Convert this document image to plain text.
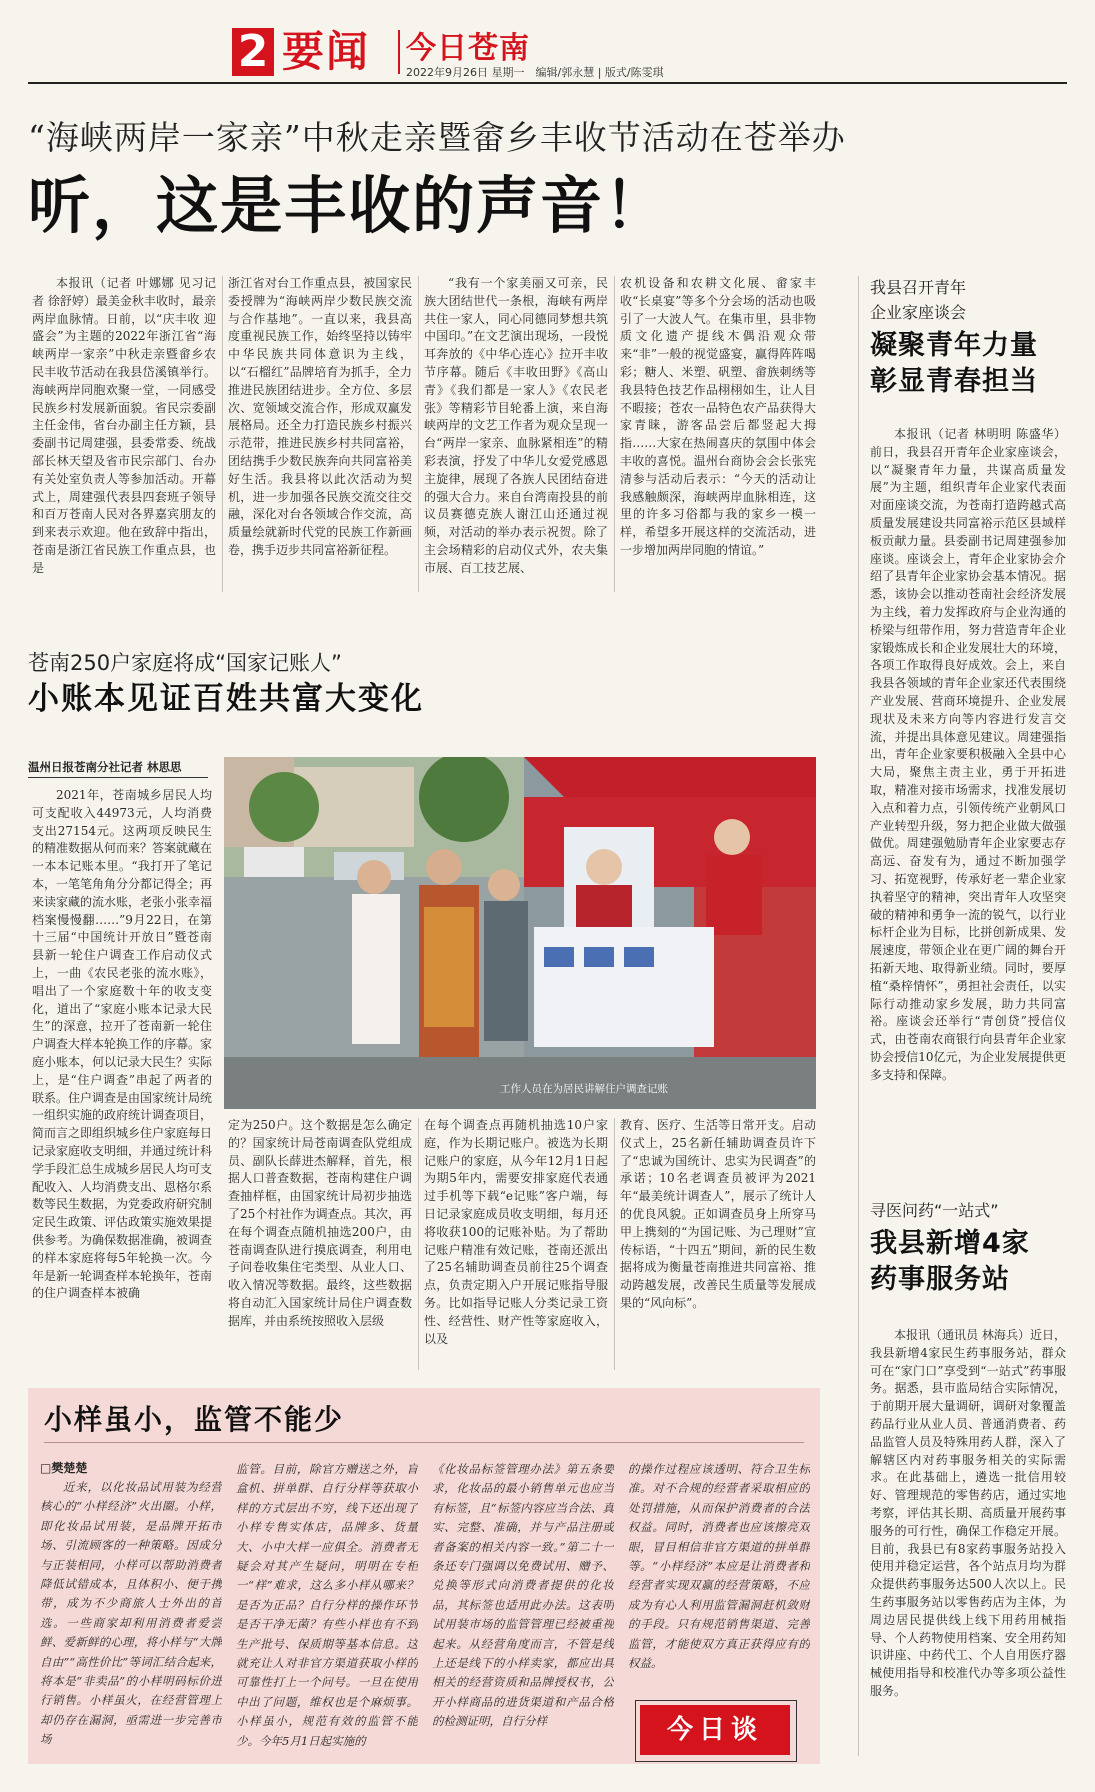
2 要闻 今日苍南
2022年9月26日 星期一　编辑/郭永慧 | 版式/陈雯琪
“海峡两岸一家亲”中秋走亲暨畲乡丰收节活动在苍举办
听，这是丰收的声音！
本报讯（记者 叶娜娜 见习记者 徐舒婷）最美金秋丰收时，最亲两岸血脉情。日前，以“庆丰收 迎盛会”为主题的2022年浙江省“海峡两岸一家亲”中秋走亲暨畲乡农民丰收节活动在我县岱溪镇举行。海峡两岸同胞欢聚一堂，一同感受民族乡村发展新面貌。省民宗委副主任金伟，省台办副主任方颖，县委副书记周建强，县委常委、统战部长林天望及省市民宗部门、台办有关处室负责人等参加活动。开幕式上，周建强代表县四套班子领导和百万苍南人民对各界嘉宾朋友的到来表示欢迎。他在致辞中指出，苍南是浙江省民族工作重点县，也是
浙江省对台工作重点县，被国家民委授牌为“海峡两岸少数民族交流与合作基地”。一直以来，我县高度重视民族工作，始终坚持以铸牢中华民族共同体意识为主线，以“石榴红”品牌培育为抓手，全力推进民族团结进步。全方位、多层次、宽领域交流合作，形成双赢发展格局。还全力打造民族乡村振兴示范带，推进民族乡村共同富裕，团结携手少数民族奔向共同富裕美好生活。我县将以此次活动为契机，进一步加强各民族交流交往交融，深化对台各领域合作交流，高质量绘就新时代党的民族工作新画卷，携手迈步共同富裕新征程。
“我有一个家美丽又可亲，民族大团结世代一条根，海峡有两岸共住一家人，同心同德同梦想共筑中国印。”在文艺演出现场，一段悦耳奔放的《中华心连心》拉开丰收节序幕。随后《丰收田野》《高山青》《我们都是一家人》《农民老张》等精彩节目轮番上演，来自海峡两岸的文艺工作者为观众呈现一台“两岸一家亲、血脉紧相连”的精彩表演，抒发了中华儿女爱党感恩主旋律，展现了各族人民团结奋进的强大合力。来自台湾南投县的前议员赛德克族人谢江山还通过视频，对活动的举办表示祝贺。除了主会场精彩的启动仪式外，农夫集市展、百工技艺展、
农机设备和农耕文化展、畲家丰收“长桌宴”等多个分会场的活动也吸引了一大波人气。在集市里，县非物质文化遗产提线木偶沿观众带来“非”一般的视觉盛宴，赢得阵阵喝彩；糖人、米塑、矾塑、畲族刺绣等我县特色技艺作品栩栩如生，让人目不暇接；苍农一品特色农产品获得大家青睐，游客品尝后都竖起大拇指……大家在热闹喜庆的氛围中体会丰收的喜悦。温州台商协会会长张宪清参与活动后表示：“今天的活动让我感触颇深，海峡两岸血脉相连，这里的许多习俗都与我的家乡一模一样，希望多开展这样的交流活动，进一步增加两岸同胞的情谊。”
苍南250户家庭将成“国家记账人”
小账本见证百姓共富大变化
温州日报苍南分社记者 林思思
2021年，苍南城乡居民人均可支配收入44973元，人均消费支出27154元。这两项反映民生的精准数据从何而来？答案就藏在一本本记账本里。“我打开了笔记本，一笔笔角角分分都记得全；再来读家藏的流水账，老张小张幸福档案慢慢翻……”9月22日，在第十三届“中国统计开放日”暨苍南县新一轮住户调查工作启动仪式上，一曲《农民老张的流水账》，唱出了一个家庭数十年的收支变化，道出了“家庭小账本记录大民生”的深意，拉开了苍南新一轮住户调查大样本轮换工作的序幕。家庭小账本，何以记录大民生？实际上，是“住户调查”串起了两者的联系。住户调查是由国家统计局统一组织实施的政府统计调查项目，简而言之即组织城乡住户家庭每日记录家庭收支明细，并通过统计科学手段汇总生成城乡居民人均可支配收入、人均消费支出、恩格尔系数等民生数据，为党委政府研究制定民生政策、评估政策实施效果提供参考。为确保数据准确，被调查的样本家庭将每5年轮换一次。今年是新一轮调查样本轮换年，苍南的住户调查样本被确
工作人员在为居民讲解住户调查记账
定为250户。这个数据是怎么确定的？国家统计局苍南调查队党组成员、副队长薛进杰解释，首先，根据人口普查数据，苍南构建住户调查抽样框，由国家统计局初步抽选了25个村社作为调查点。其次，再在每个调查点随机抽选200户，由苍南调查队进行摸底调查，利用电子问卷收集住宅类型、从业人口、收入情况等数据。最终，这些数据将自动汇入国家统计局住户调查数据库，并由系统按照收入层级
在每个调查点再随机抽选10户家庭，作为长期记账户。被选为长期记账户的家庭，从今年12月1日起为期5年内，需要安排家庭代表通过手机等下载“e记账”客户端，每日记录家庭成员收支明细，每月还将收获100的记账补贴。为了帮助记账户精准有效记账，苍南还派出了25名辅助调查员前往25个调查点，负责定期入户开展记账指导服务。比如指导记账人分类记录工资性、经营性、财产性等家庭收入，以及
教育、医疗、生活等日常开支。启动仪式上，25名新任辅助调查员许下了“忠诚为国统计、忠实为民调查”的承诺；10名老调查员被评为2021年“最美统计调查人”，展示了统计人的优良风貌。正如调查员身上所穿马甲上携刻的“为国记账、为己理财”宣传标语，“十四五”期间，新的民生数据将成为衡量苍南推进共同富裕、推动跨越发展，改善民生质量等发展成果的“风向标”。
我县召开青年
企业家座谈会
凝聚青年力量
彰显青春担当
本报讯（记者 林明明 陈盛华）前日，我县召开青年企业家座谈会，以“凝聚青年力量，共谋高质量发展”为主题，组织青年企业家代表面对面座谈交流，为苍南打造跨越式高质量发展建设共同富裕示范区县域样板贡献力量。县委副书记周建强参加座谈。座谈会上，青年企业家协会介绍了县青年企业家协会基本情况。据悉，该协会以推动苍南社会经济发展为主线，着力发挥政府与企业沟通的桥梁与纽带作用，努力营造青年企业家锻炼成长和企业发展壮大的环境，各项工作取得良好成效。会上，来自我县各领域的青年企业家还代表围绕产业发展、营商环境提升、企业发展现状及未来方向等内容进行发言交流，并提出具体意见建议。周建强指出，青年企业家要积极融入全县中心大局，聚焦主责主业，勇于开拓进取，精准对接市场需求，找准发展切入点和着力点，引领传统产业朝风口产业转型升级，努力把企业做大做强做优。周建强勉励青年企业家要志存高远、奋发有为，通过不断加强学习、拓宽视野，传承好老一辈企业家执着坚守的精神，突出青年人攻坚突破的精神和勇争一流的锐气，以行业标杆企业为目标，比拼创新成果、发展速度，带领企业在更广阔的舞台开拓新天地、取得新业绩。同时，要厚植“桑梓情怀”，勇担社会责任，以实际行动推动家乡发展，助力共同富裕。座谈会还举行“青创贷”授信仪式，由苍南农商银行向县青年企业家协会授信10亿元，为企业发展提供更多支持和保障。
寻医问药“一站式”
我县新增4家
药事服务站
本报讯（通讯员 林海兵）近日，我县新增4家民生药事服务站，群众可在“家门口”享受到“一站式”药事服务。据悉，县市监局结合实际情况，于前期开展大量调研，调研对象覆盖药品行业从业人员、普通消费者、药品监管人员及特殊用药人群，深入了解辖区内对药事服务相关的实际需求。在此基础上，遴选一批信用较好、管理规范的零售药店，通过实地考察，评估其长期、高质量开展药事服务的可行性，确保工作稳定开展。目前，我县已有8家药事服务站投入使用并稳定运营，各个站点月均为群众提供药事服务达500人次以上。民生药事服务站以零售药店为主体，为周边居民提供线上线下用药用械指导、个人药物使用档案、安全用药知识讲座、中药代工、个人自用医疗器械使用指导和校准代办等多项公益性服务。
小样虽小，监管不能少
□樊楚楚
近来，以化妆品试用装为经营核心的“小样经济”火出圈。小样，即化妆品试用装，是品牌开拓市场、引流顾客的一种策略。因成分与正装相同，小样可以帮助消费者降低试错成本，且体积小、便于携带，成为不少商旅人士外出的首选。一些商家却利用消费者爱尝鲜、爱新鲜的心理，将小样与“大牌自由”“高性价比”等词汇结合起来，将本是“非卖品”的小样明码标价进行销售。小样虽火，在经营管理上却仍存在漏洞，亟需进一步完善市场
监管。目前，除官方赠送之外，盲盒机、拼单群、自行分样等获取小样的方式层出不穷，线下还出现了小样专售实体店，品牌多、货量大、小中大样一应俱全。消费者无疑会对其产生疑问，明明在专柜一“样”难求，这么多小样从哪来？是否为正品？自行分样的操作环节是否干净无菌？有些小样也有不到生产批号、保质期等基本信息。这就充让人对非官方渠道获取小样的可靠性打上一个问号。一旦在使用中出了问题，维权也是个麻烦事。小样虽小，规范有效的监管不能少。今年5月1日起实施的
《化妆品标签管理办法》第五条要求，化妆品的最小销售单元也应当有标签，且“标签内容应当合法、真实、完整、准确，并与产品注册或者备案的相关内容一致。”第二十一条还专门强调以免费试用、赠予、兑换等形式向消费者提供的化妆品，其标签也适用此办法。这表明试用装市场的监管管理已经被重视起来。从经营角度而言，不管是线上还是线下的小样卖家，都应出具相关的经营资质和品牌授权书，公开小样商品的进货渠道和产品合格的检测证明，自行分样
的操作过程应该透明、符合卫生标准。对不合规的经营者采取相应的处罚措施，从而保护消费者的合法权益。同时，消费者也应该擦亮双眼，冒目相信非官方渠道的拼单群等。“小样经济”本应是让消费者和经营者实现双赢的经营策略，不应成为有心人利用监管漏洞赶机敛财的手段。只有规范销售渠道、完善监管，才能使双方真正获得应有的权益。
今日谈
